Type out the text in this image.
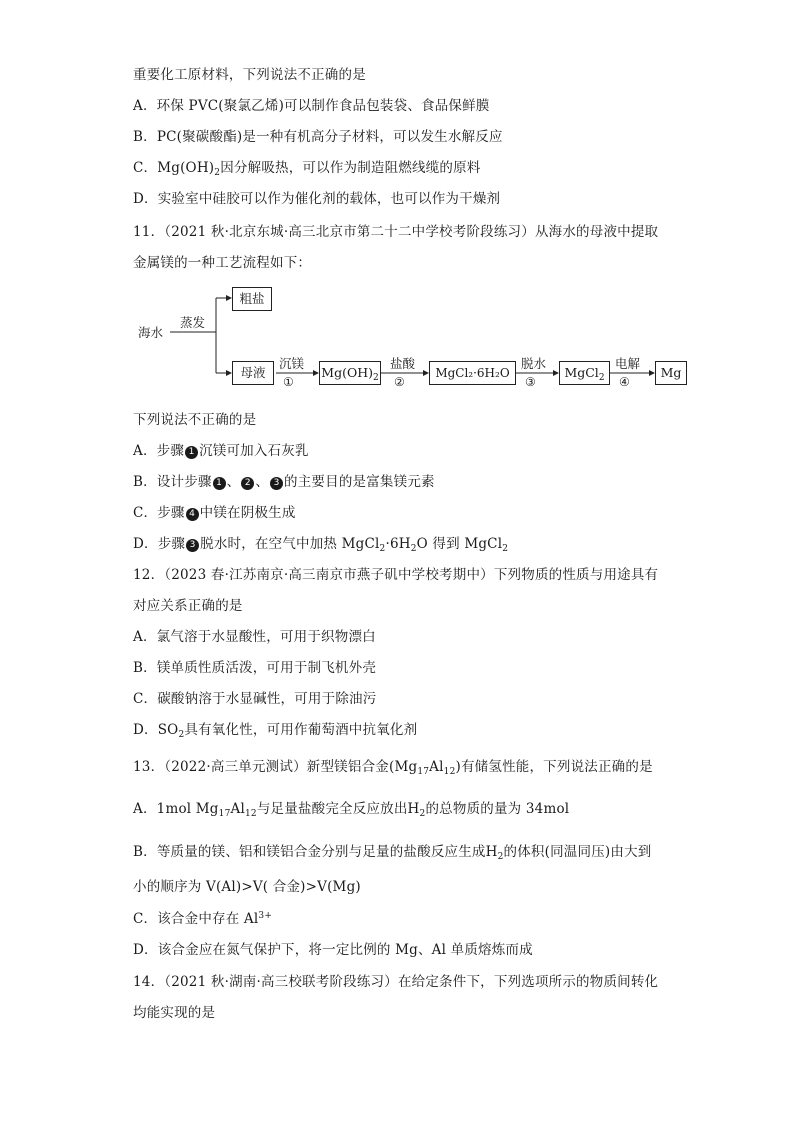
重要化工原材料，下列说法不正确的是
A．环保 PVC(聚氯乙烯)可以制作食品包装袋、食品保鲜膜
B．PC(聚碳酸酯)是一种有机高分子材料，可以发生水解反应
C．$Mg(OH)_2$因分解吸热，可以作为制造阻燃线缆的原料
D．实验室中硅胶可以作为催化剂的载体，也可以作为干燥剂
11．（2021 秋·北京东城·高三北京市第二十二中学校考阶段练习）从海水的母液中提取
金属镁的一种工艺流程如下：
海水
蒸发
粗盐
母液
沉镁
①
$Mg(OH)_2$
盐酸
②
MgCl₂·6H₂O
脱水
③
MgCl$_2$
电解
④
Mg
下列说法不正确的是
A．步骤 1 沉镁可加入石灰乳
B．设计步骤 1 、 2 、 3 的主要目的是富集镁元素
C．步骤 4 中镁在阴极生成
D．步骤 3 脱水时，在空气中加热 $MgCl_2\cdot 6H_2O$ 得到 MgCl$_2$
12．（2023 春·江苏南京·高三南京市燕子矶中学校考期中）下列物质的性质与用途具有
对应关系正确的是
A．氯气溶于水显酸性，可用于织物漂白
B．镁单质性质活泼，可用于制飞机外壳
C．碳酸钠溶于水显碱性，可用于除油污
D．$SO_2$具有氧化性，可用作葡萄酒中抗氧化剂
13．（2022·高三单元测试）新型镁铝合金$(Mg_{17}Al_{12})$有储氢性能，下列说法正确的是
A．1mol $Mg_{17}Al_{12}$与足量盐酸完全反应放出$H_2$的总物质的量为 34mol
B．等质量的镁、铝和镁铝合金分别与足量的盐酸反应生成$H_2$的体积(同温同压)由大到
小的顺序为 V(Al)>V( 合金)>V(Mg)
C．该合金中存在 $Al^{3+}$
D．该合金应在氮气保护下，将一定比例的 Mg、Al 单质熔炼而成
14．（2021 秋·湖南·高三校联考阶段练习）在给定条件下，下列选项所示的物质间转化
均能实现的是
